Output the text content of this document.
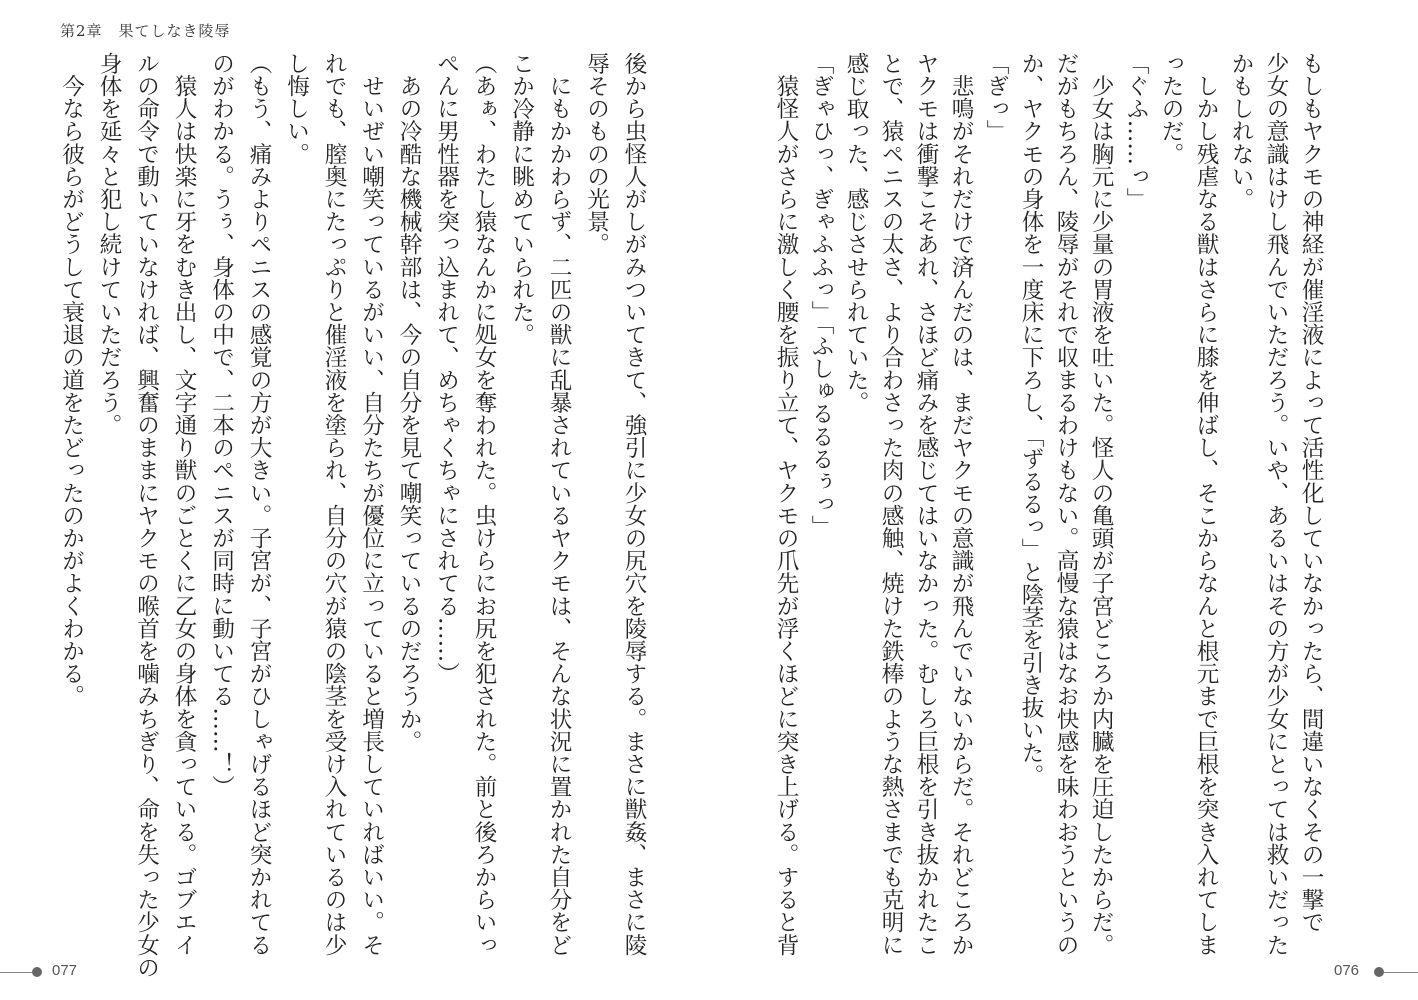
第2章　果てしなき陵辱
もしもヤクモの神経が催淫液によって活性化していなかったら、間違いなくその一撃で
少女の意識はけし飛んでいただろう。いや、あるいはその方が少女にとっては救いだった
かもしれない。
　しかし残虐なる獣はさらに膝を伸ばし、そこからなんと根元まで巨根を突き入れてしま
ったのだ。
「ぐふ……っ」
　少女は胸元に少量の胃液を吐いた。怪人の亀頭が子宮どころか内臓を圧迫したからだ。
だがもちろん、陵辱がそれで収まるわけもない。高慢な猿はなお快感を味わおうというの
か、ヤクモの身体を一度床に下ろし、「ずるるっ」と陰茎を引き抜いた。
「ぎっ」
　悲鳴がそれだけで済んだのは、まだヤクモの意識が飛んでいないからだ。それどころか
ヤクモは衝撃こそあれ、さほど痛みを感じてはいなかった。むしろ巨根を引き抜かれたこ
とで、猿ペニスの太さ、より合わさった肉の感触、焼けた鉄棒のような熱さまでも克明に
感じ取った、感じさせられていた。
「ぎゃひっ、ぎゃふふっ」「ふしゅるるるぅっ」
　猿怪人がさらに激しく腰を振り立て、ヤクモの爪先が浮くほどに突き上げる。すると背
後から虫怪人がしがみついてきて、強引に少女の尻穴を陵辱する。まさに獣姦、まさに陵
辱そのものの光景。
　にもかかわらず、二匹の獣に乱暴されているヤクモは、そんな状況に置かれた自分をど
こか冷静に眺めていられた。
（あぁ、わたし猿なんかに処女を奪われた。虫けらにお尻を犯された。前と後ろからいっ
ぺんに男性器を突っ込まれて、めちゃくちゃにされてる……）
　あの冷酷な機械幹部は、今の自分を見て嘲笑っているのだろうか。
　せいぜい嘲笑っているがいい、自分たちが優位に立っていると増長していればいい。そ
れでも、膣奥にたっぷりと催淫液を塗られ、自分の穴が猿の陰茎を受け入れているのは少
し悔しい。
（もう、痛みよりペニスの感覚の方が大きい。子宮が、子宮がひしゃげるほど突かれてる
のがわかる。うぅ、身体の中で、二本のペニスが同時に動いてる……！）
　猿人は快楽に牙をむき出し、文字通り獣のごとくに乙女の身体を貪っている。ゴブエイ
ルの命令で動いていなければ、興奮のままにヤクモの喉首を噛みちぎり、命を失った少女の
身体を延々と犯し続けていただろう。
　今なら彼らがどうして衰退の道をたどったのかがよくわかる。
077	076
